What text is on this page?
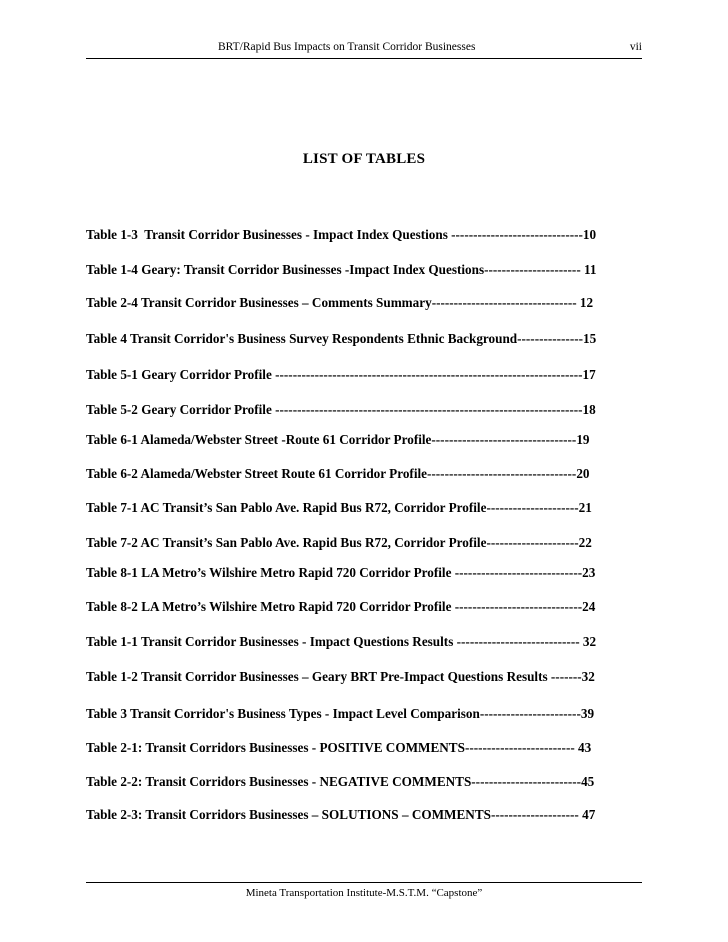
BRT/Rapid Bus Impacts on Transit Corridor Businesses	vii
LIST OF TABLES
Table 1-3  Transit Corridor Businesses - Impact Index Questions ------------------------------10
Table 1-4 Geary: Transit Corridor Businesses -Impact Index Questions---------------------- 11
Table 2-4 Transit Corridor Businesses – Comments Summary--------------------------------- 12
Table 4 Transit Corridor's Business Survey Respondents Ethnic Background---------------15
Table 5-1 Geary Corridor Profile ----------------------------------------------------------------------17
Table 5-2 Geary Corridor Profile ----------------------------------------------------------------------18
Table 6-1 Alameda/Webster Street -Route 61 Corridor Profile---------------------------------19
Table 6-2 Alameda/Webster Street Route 61 Corridor Profile----------------------------------20
Table 7-1 AC Transit’s San Pablo Ave. Rapid Bus R72, Corridor Profile---------------------21
Table 7-2 AC Transit’s San Pablo Ave. Rapid Bus R72, Corridor Profile---------------------22
Table 8-1 LA Metro’s Wilshire Metro Rapid 720 Corridor Profile -----------------------------23
Table 8-2 LA Metro’s Wilshire Metro Rapid 720 Corridor Profile -----------------------------24
Table 1-1 Transit Corridor Businesses - Impact Questions Results ---------------------------- 32
Table 1-2 Transit Corridor Businesses – Geary BRT Pre-Impact Questions Results -------32
Table 3 Transit Corridor's Business Types - Impact Level Comparison-----------------------39
Table 2-1: Transit Corridors Businesses - POSITIVE COMMENTS------------------------- 43
Table 2-2: Transit Corridors Businesses - NEGATIVE COMMENTS-------------------------45
Table 2-3: Transit Corridors Businesses – SOLUTIONS – COMMENTS-------------------- 47
Mineta Transportation Institute-M.S.T.M. “Capstone”
